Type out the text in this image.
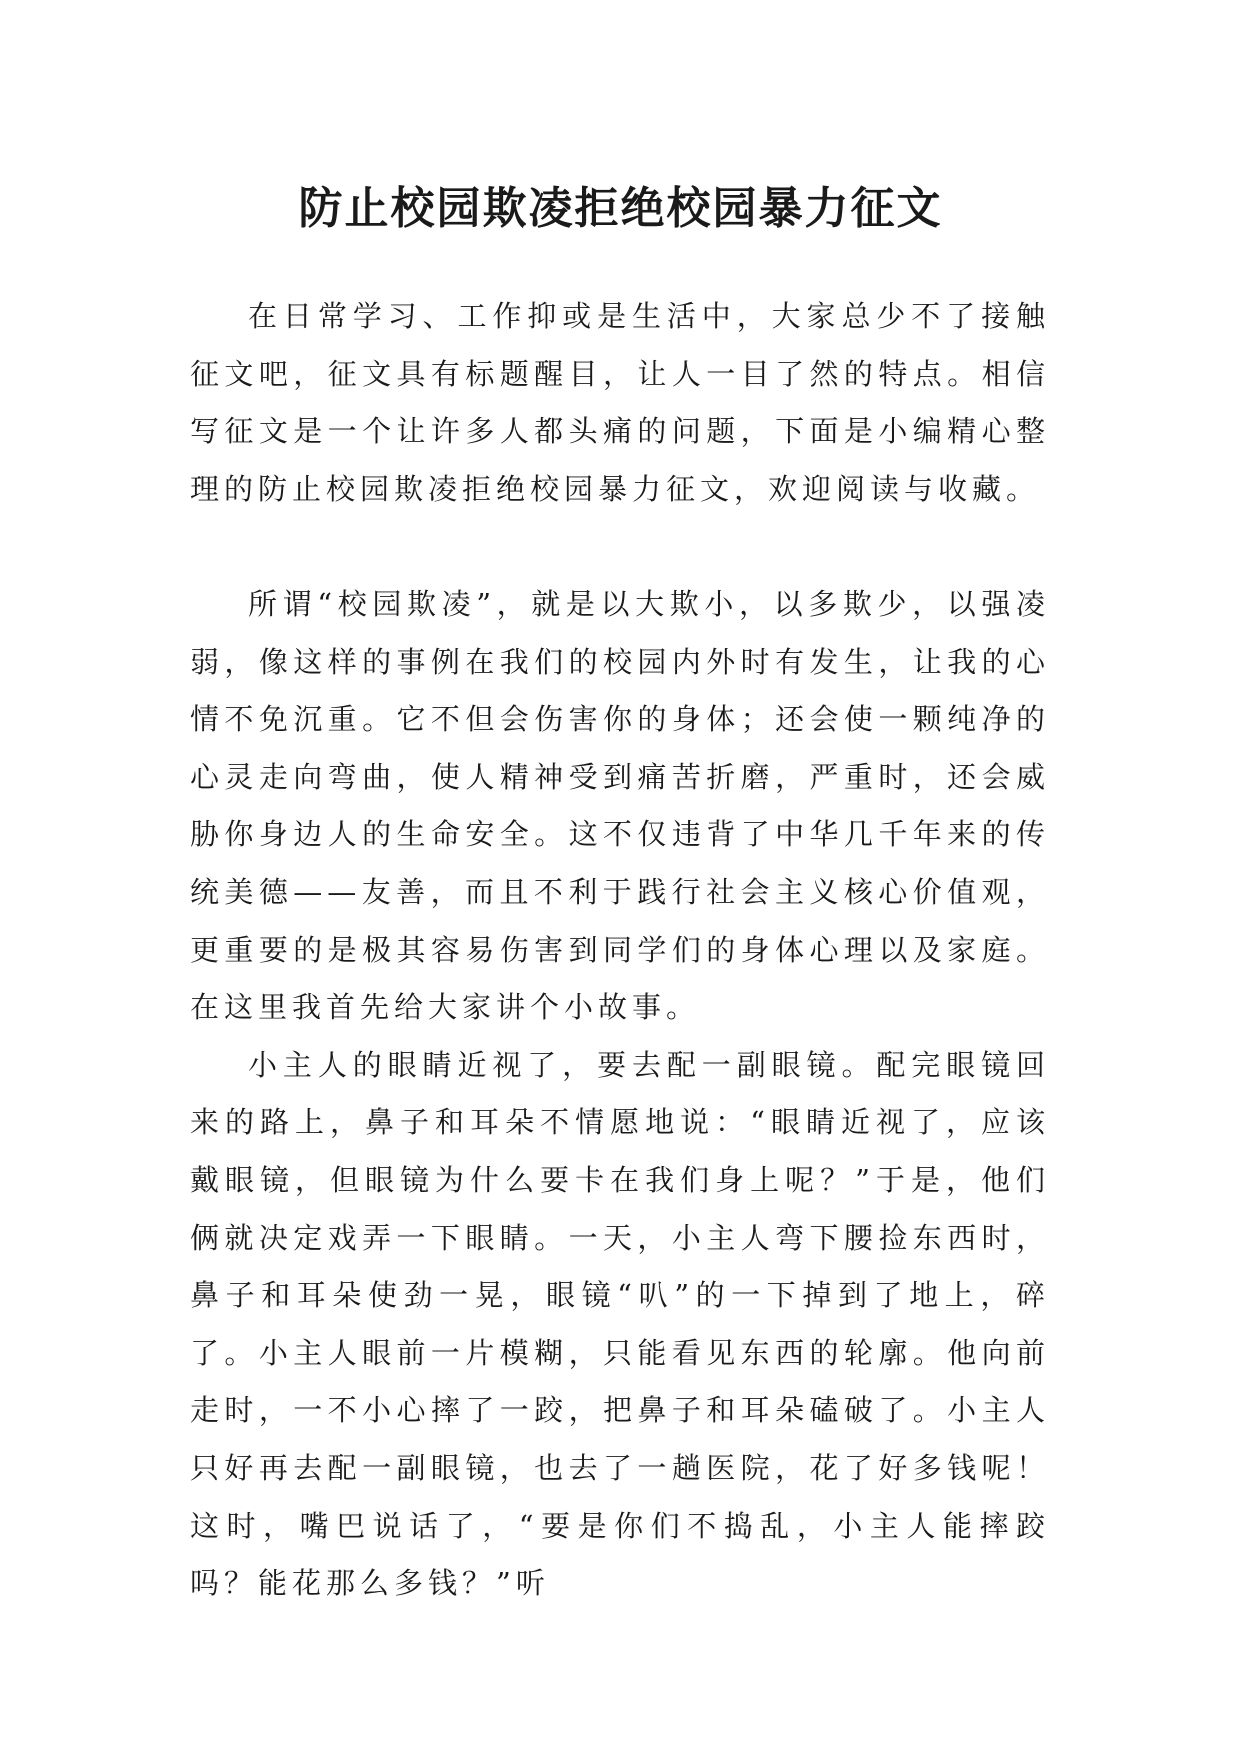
防止校园欺凌拒绝校园暴力征文

在日常学习、工作抑或是生活中，大家总少不了接触征文吧，征文具有标题醒目，让人一目了然的特点。相信写征文是一个让许多人都头痛的问题，下面是小编精心整理的防止校园欺凌拒绝校园暴力征文，欢迎阅读与收藏。

所谓“校园欺凌”，就是以大欺小，以多欺少，以强凌弱，像这样的事例在我们的校园内外时有发生，让我的心情不免沉重。它不但会伤害你的身体；还会使一颗纯净的心灵走向弯曲，使人精神受到痛苦折磨，严重时，还会威胁你身边人的生命安全。这不仅违背了中华几千年来的传统美德——友善，而且不利于践行社会主义核心价值观，更重要的是极其容易伤害到同学们的身体心理以及家庭。在这里我首先给大家讲个小故事。

小主人的眼睛近视了，要去配一副眼镜。配完眼镜回来的路上，鼻子和耳朵不情愿地说：“眼睛近视了，应该戴眼镜，但眼镜为什么要卡在我们身上呢？”于是，他们俩就决定戏弄一下眼睛。一天，小主人弯下腰捡东西时，鼻子和耳朵使劲一晃，眼镜“叭”的一下掉到了地上，碎了。小主人眼前一片模糊，只能看见东西的轮廓。他向前走时，一不小心摔了一跤，把鼻子和耳朵磕破了。小主人只好再去配一副眼镜，也去了一趟医院，花了好多钱呢！这时，嘴巴说话了，“要是你们不捣乱，小主人能摔跤吗？能花那么多钱？”听
